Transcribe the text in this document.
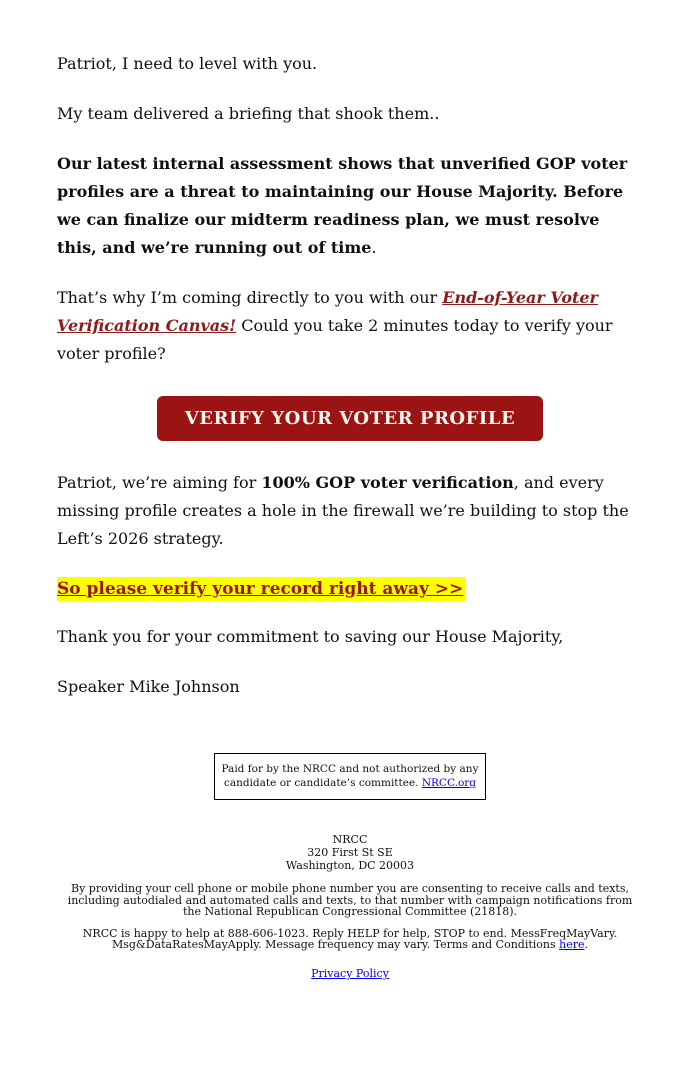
Patriot, I need to level with you.

My team delivered a briefing that shook them..

Our latest internal assessment shows that unverified GOP voter profiles are a threat to maintaining our House Majority. Before we can finalize our midterm readiness plan, we must resolve this, and we’re running out of time.

That’s why I’m coming directly to you with our End-of-Year Voter Verification Canvas! Could you take 2 minutes today to verify your voter profile?

VERIFY YOUR VOTER PROFILE

Patriot, we’re aiming for 100% GOP voter verification, and every missing profile creates a hole in the firewall we’re building to stop the Left’s 2026 strategy.

So please verify your record right away >>

Thank you for your commitment to saving our House Majority,

Speaker Mike Johnson

Paid for by the NRCC and not authorized by any candidate or candidate’s committee. NRCC.org
NRCC
320 First St SE
Washington, DC 20003

By providing your cell phone or mobile phone number you are consenting to receive calls and texts, including autodialed and automated calls and texts, to that number with campaign notifications from the National Republican Congressional Committee (21818).

NRCC is happy to help at 888-606-1023. Reply HELP for help, STOP to end. MessFreqMayVary. Msg&DataRatesMayApply. Message frequency may vary. Terms and Conditions here.

Privacy Policy
